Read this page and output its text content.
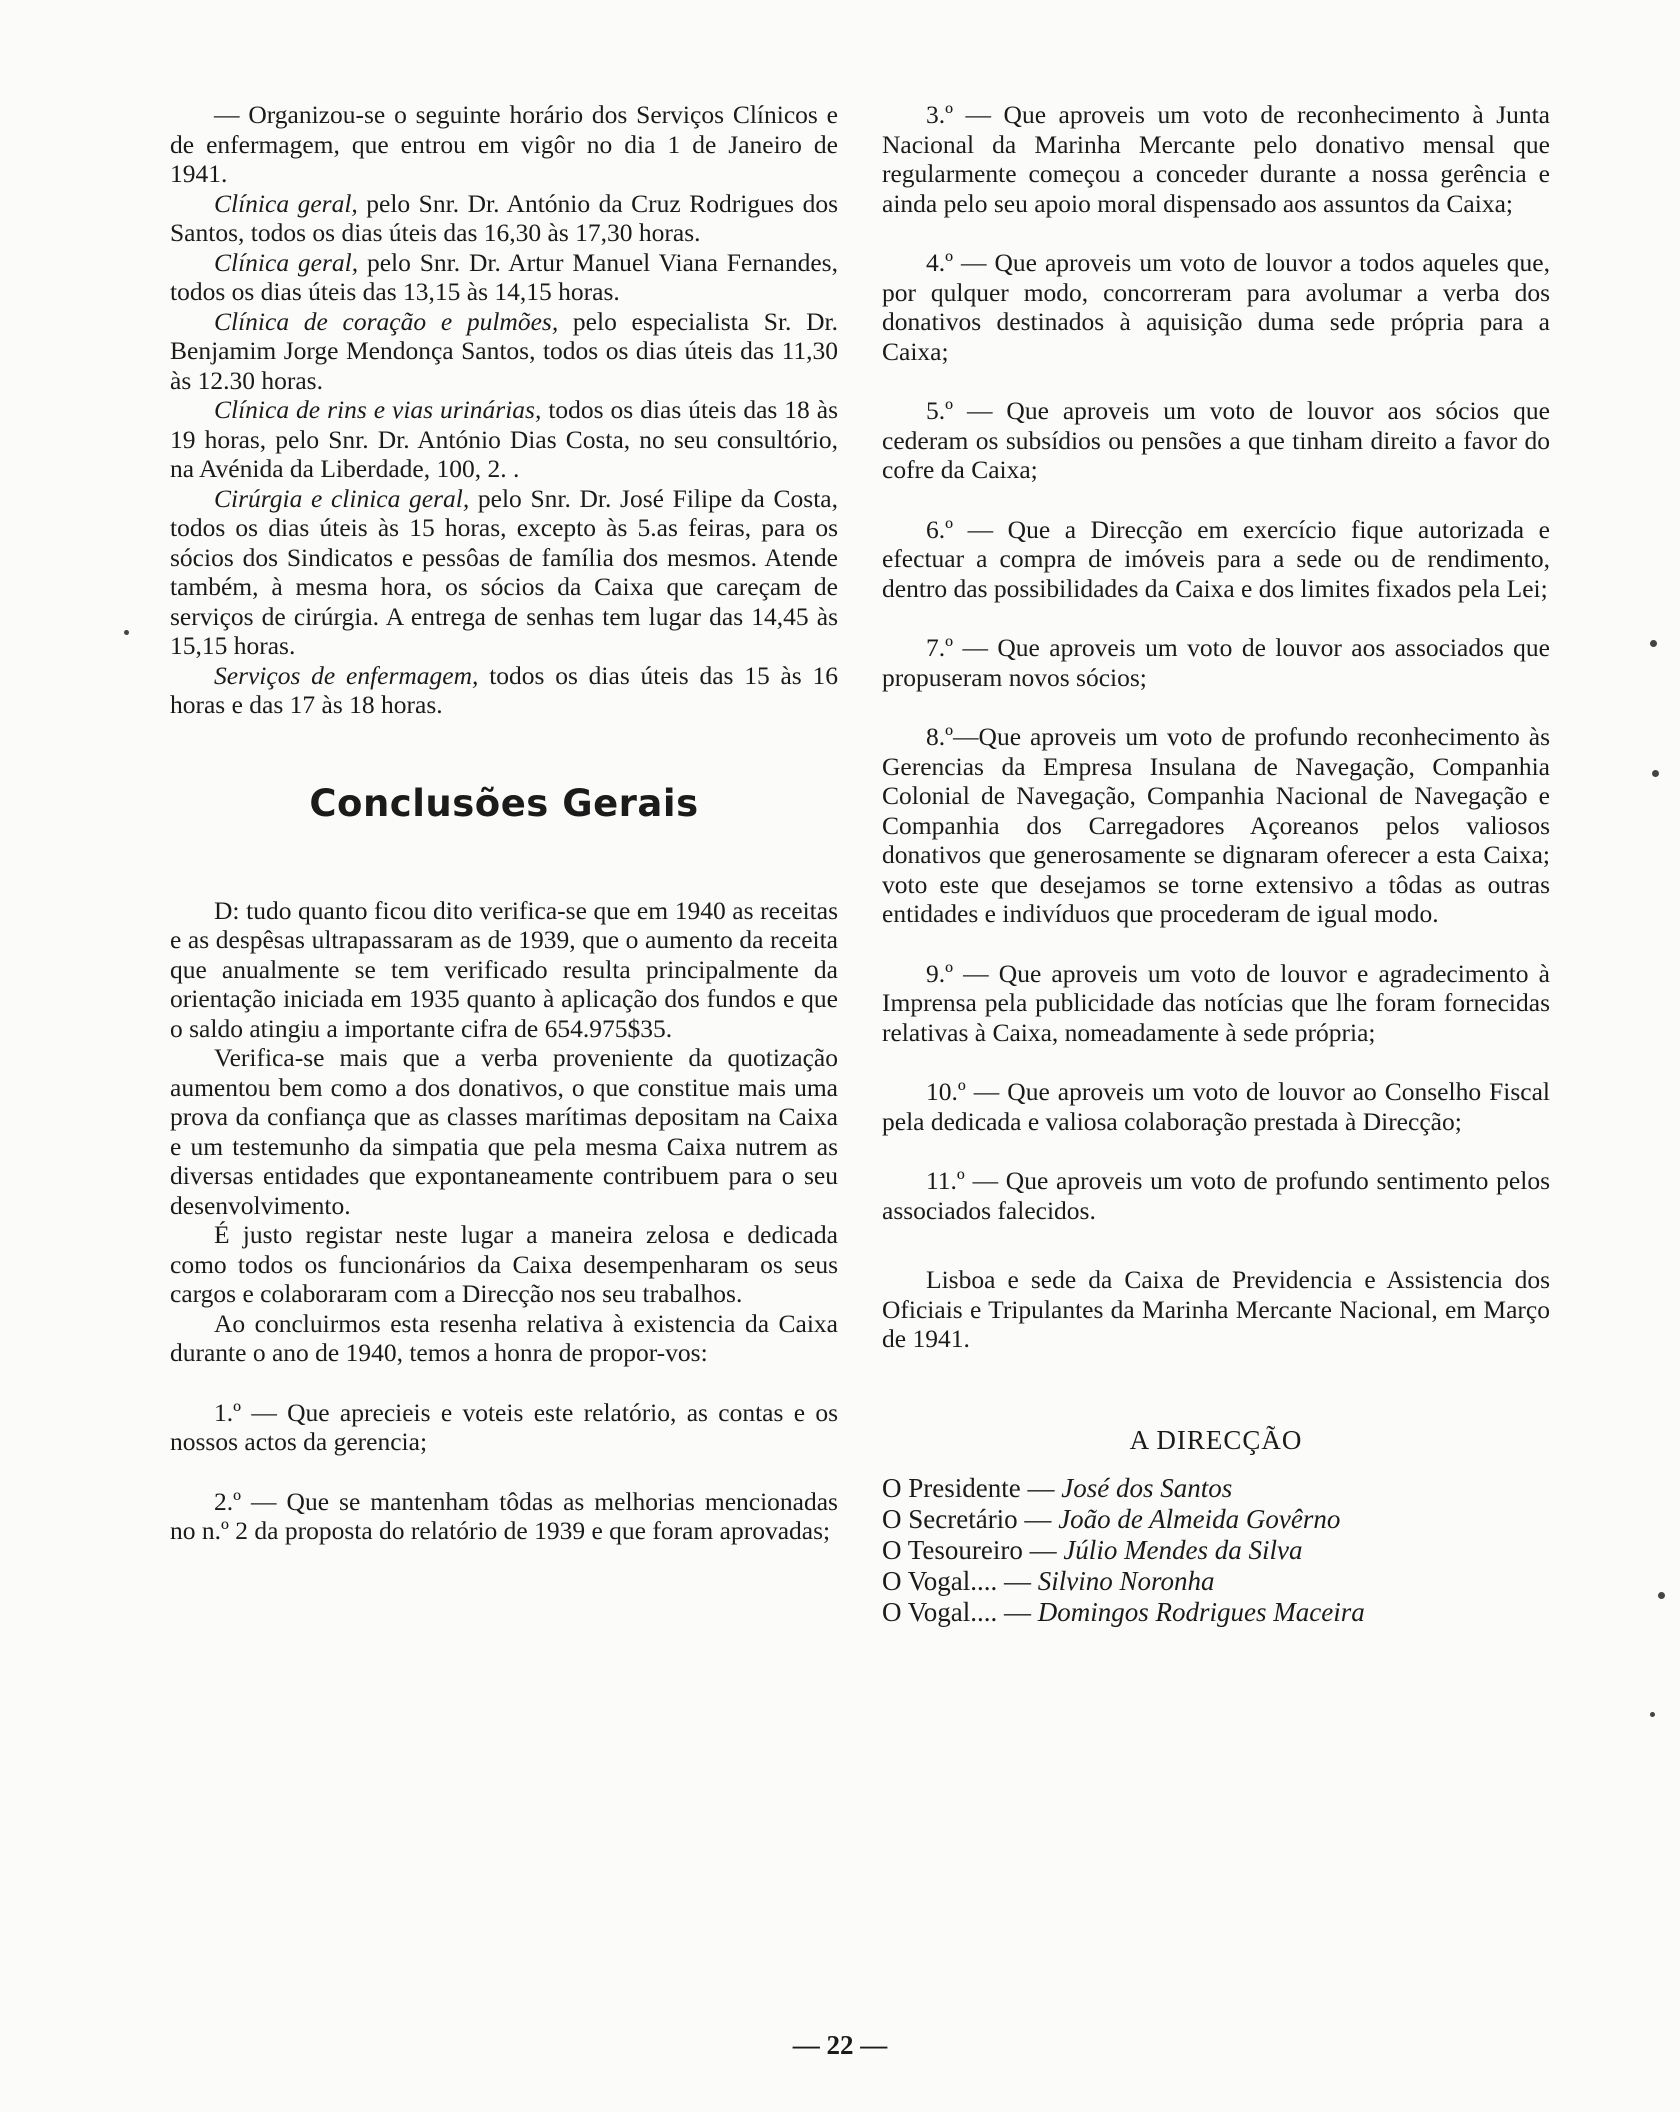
— Organizou-se o seguinte horário dos Serviços Clínicos e de enfermagem, que entrou em vigôr no dia 1 de Janeiro de 1941.

Clínica geral, pelo Snr. Dr. António da Cruz Rodrigues dos Santos, todos os dias úteis das 16,30 às 17,30 horas.

Clínica geral, pelo Snr. Dr. Artur Manuel Viana Fernandes, todos os dias úteis das 13,15 às 14,15 horas.

Clínica de coração e pulmões, pelo especialista Sr. Dr. Benjamim Jorge Mendonça Santos, todos os dias úteis das 11,30 às 12.30 horas.

Clínica de rins e vias urinárias, todos os dias úteis das 18 às 19 horas, pelo Snr. Dr. António Dias Costa, no seu consultório, na Avénida da Liberdade, 100, 2. .

Cirúrgia e clinica geral, pelo Snr. Dr. José Filipe da Costa, todos os dias úteis às 15 horas, excepto às 5.as feiras, para os sócios dos Sindicatos e pessôas de família dos mesmos. Atende também, à mesma hora, os sócios da Caixa que careçam de serviços de cirúrgia. A entrega de senhas tem lugar das 14,45 às 15,15 horas.

Serviços de enfermagem, todos os dias úteis das 15 às 16 horas e das 17 às 18 horas.

Conclusões Gerais

D: tudo quanto ficou dito verifica-se que em 1940 as receitas e as despêsas ultrapassaram as de 1939, que o aumento da receita que anualmente se tem verificado resulta principalmente da orientação iniciada em 1935 quanto à aplicação dos fundos e que o saldo atingiu a importante cifra de 654.975$35.

Verifica-se mais que a verba proveniente da quotização aumentou bem como a dos donativos, o que constitue mais uma prova da confiança que as classes marítimas depositam na Caixa e um testemunho da simpatia que pela mesma Caixa nutrem as diversas entidades que expontaneamente contribuem para o seu desenvolvimento.

É justo registar neste lugar a maneira zelosa e dedicada como todos os funcionários da Caixa desempenharam os seus cargos e colaboraram com a Direcção nos seu trabalhos.

Ao concluirmos esta resenha relativa à existencia da Caixa durante o ano de 1940, temos a honra de propor-vos:

1.º — Que aprecieis e voteis este relatório, as contas e os nossos actos da gerencia;

2.º — Que se mantenham tôdas as melhorias mencionadas no n.º 2 da proposta do relatório de 1939 e que foram aprovadas;

3.º — Que aproveis um voto de reconhecimento à Junta Nacional da Marinha Mercante pelo donativo mensal que regularmente começou a conceder durante a nossa gerência e ainda pelo seu apoio moral dispensado aos assuntos da Caixa;

4.º — Que aproveis um voto de louvor a todos aqueles que, por qulquer modo, concorreram para avolumar a verba dos donativos destinados à aquisição duma sede própria para a Caixa;

5.º — Que aproveis um voto de louvor aos sócios que cederam os subsídios ou pensões a que tinham direito a favor do cofre da Caixa;

6.º — Que a Direcção em exercício fique autorizada e efectuar a compra de imóveis para a sede ou de rendimento, dentro das possibilidades da Caixa e dos limites fixados pela Lei;

7.º — Que aproveis um voto de louvor aos associados que propuseram novos sócios;

8.º—Que aproveis um voto de profundo reconhecimento às Gerencias da Empresa Insulana de Navegação, Companhia Colonial de Navegação, Companhia Nacional de Navegação e Companhia dos Carregadores Açoreanos pelos valiosos donativos que generosamente se dignaram oferecer a esta Caixa; voto este que desejamos se torne extensivo a tôdas as outras entidades e indivíduos que procederam de igual modo.

9.º — Que aproveis um voto de louvor e agradecimento à Imprensa pela publicidade das notícias que lhe foram fornecidas relativas à Caixa, nomeadamente à sede própria;

10.º — Que aproveis um voto de louvor ao Conselho Fiscal pela dedicada e valiosa colaboração prestada à Direcção;

11.º — Que aproveis um voto de profundo sentimento pelos associados falecidos.

Lisboa e sede da Caixa de Previdencia e Assistencia dos Oficiais e Tripulantes da Marinha Mercante Nacional, em Março de 1941.

A DIRECÇÃO
O Presidente — José dos Santos
O Secretário — João de Almeida Govêrno
O Tesoureiro — Júlio Mendes da Silva
O Vogal.... — Silvino Noronha
O Vogal.... — Domingos Rodrigues Maceira
— 22 —
